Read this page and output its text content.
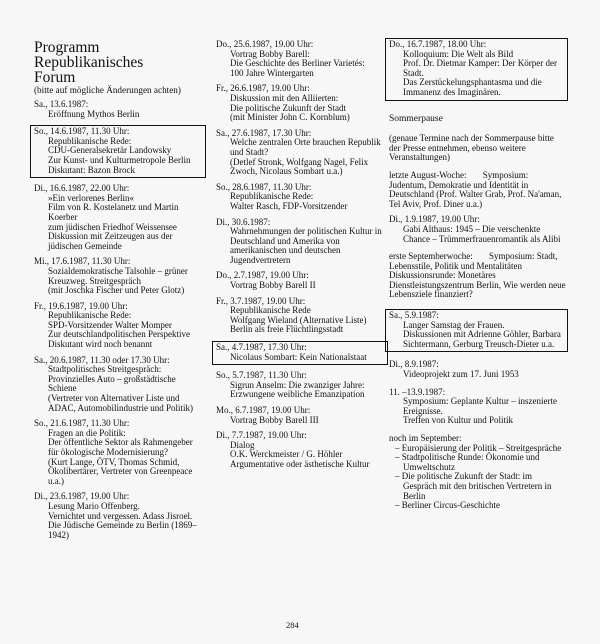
Programm Republikanisches
Forum
(bitte auf mögliche Änderungen achten)
Sa., 13.6.1987:
Eröffnung Mythos Berlin
So., 14.6.1987, 11.30 Uhr:
Republikanische Rede:
CDU-Generalsekretär Landowsky
Zur Kunst- und Kulturmetropole Berlin
Diskutant: Bazon Brock
Di., 16.6.1987, 22.00 Uhr:
»Ein verlorenes Berlin«
Film von R. Kostelanetz und Martin Koerber
zum jüdischen Friedhof Weissensee
Diskussion mit Zeitzeugen aus der jüdischen Gemeinde
Mi., 17.6.1987, 11.30 Uhr:
Sozialdemokratische Talsohle – grüner Kreuzweg. Streitgespräch
(mit Joschka Fischer und Peter Glotz)
Fr., 19.6.1987, 19.00 Uhr:
Republikanische Rede:
SPD-Vorsitzender Walter Momper
Zur deutschlandpolitischen Perspektive
Diskutant wird noch benannt
Sa., 20.6.1987, 11.30 oder 17.30 Uhr:
Stadtpolitisches Streitgespräch:
Provinzielles Auto – großstädtische Schiene
(Vertreter von Alternativer Liste und ADAC, Automobilindustrie und Politik)
So., 21.6.1987, 11.30 Uhr:
Fragen an die Politik:
Der öffentliche Sektor als Rahmengeber für ökologische Modernisierung?
(Kurt Lange, ÖTV, Thomas Schmid, Ökolibertärer, Vertreter von Greenpeace u.a.)
Di., 23.6.1987, 19.00 Uhr:
Lesung Mario Offenberg.
Vernichtet und vergessen. Adass Jisroel.
Die Jüdische Gemeinde zu Berlin (1869–1942)
Do., 25.6.1987, 19.00 Uhr:
Vortrag Bobby Barell:
Die Geschichte des Berliner Varietés:
100 Jahre Wintergarten
Fr., 26.6.1987, 19.00 Uhr:
Diskussion mit den Alliierten:
Die politische Zukunft der Stadt
(mit Minister John C. Kornblum)
Sa., 27.6.1987, 17.30 Uhr:
Welche zentralen Orte brauchen Republik und Stadt?
(Detlef Stronk, Wolfgang Nagel, Felix Zwoch, Nicolaus Sombart u.a.)
So., 28.6.1987, 11.30 Uhr:
Republikanische Rede:
Walter Rasch, FDP-Vorsitzender
Di., 30.6.1987:
Wahrnehmungen der politischen Kultur in Deutschland und Amerika von amerikanischen und deutschen Jugendvertretern
Do., 2.7.1987, 19.00 Uhr:
Vortrag Bobby Barell II
Fr., 3.7.1987, 19.00 Uhr:
Republikanische Rede
Wolfgang Wieland (Alternative Liste)
Berlin als freie Flüchtlingsstadt
Sa., 4.7.1987, 17.30 Uhr:
Nicolaus Sombart: Kein Nationalstaat
So., 5.7.1987, 11.30 Uhr:
Sigrun Anselm: Die zwanziger Jahre:
Erzwungene weibliche Emanzipation
Mo., 6.7.1987, 19.00 Uhr:
Vortrag Bobby Barell III
Di., 7.7.1987, 19.00 Uhr:
Dialog
O.K. Werckmeister / G. Höhler
Argumentative oder ästhetische Kultur
Do., 16.7.1987, 18.00 Uhr:
Kolloquium: Die Welt als Bild
Prof. Dr. Dietmar Kamper: Der Körper der Stadt.
Das Zerstückelungsphantasma und die Immanenz des Imaginären.
Sommerpause
(genaue Termine nach der Sommerpause bitte der Presse entnehmen, ebenso weitere Veranstaltungen)
letzte August-Woche: Symposium: Judentum, Demokratie und Identität in Deutschland (Prof. Walter Grab, Prof. Na'aman, Tel Aviv, Prof. Diner u.a.)
Di., 1.9.1987, 19.00 Uhr:
Gabi Althaus: 1945 – Die verschenkte Chance – Trümmerfrauenromantik als Alibi
erste Septemberwoche: Symposium: Stadt, Lebensstile, Politik und Mentalitäten Diskussionsrunde: Monetäres Dienstleistungszentrum Berlin, Wie werden neue Lebensziele finanziert?
Sa., 5.9.1987:
Langer Samstag der Frauen.
Diskussionen mit Adrienne Göhler, Barbara Sichtermann, Gerburg Treusch-Dieter u.a.
Di., 8.9.1987:
Videoprojekt zum 17. Juni 1953
11. –13.9.1987:
Symposium: Geplante Kultur – inszenierte Ereignisse.
Treffen von Kultur und Politik
noch im September:
– Europäisierung der Politik – Streitgespräche
– Stadtpolitische Runde: Ökonomie und Umweltschutz
– Die politische Zukunft der Stadt: im Gespräch mit den britischen Vertretern in Berlin
– Berliner Circus-Geschichte
284
